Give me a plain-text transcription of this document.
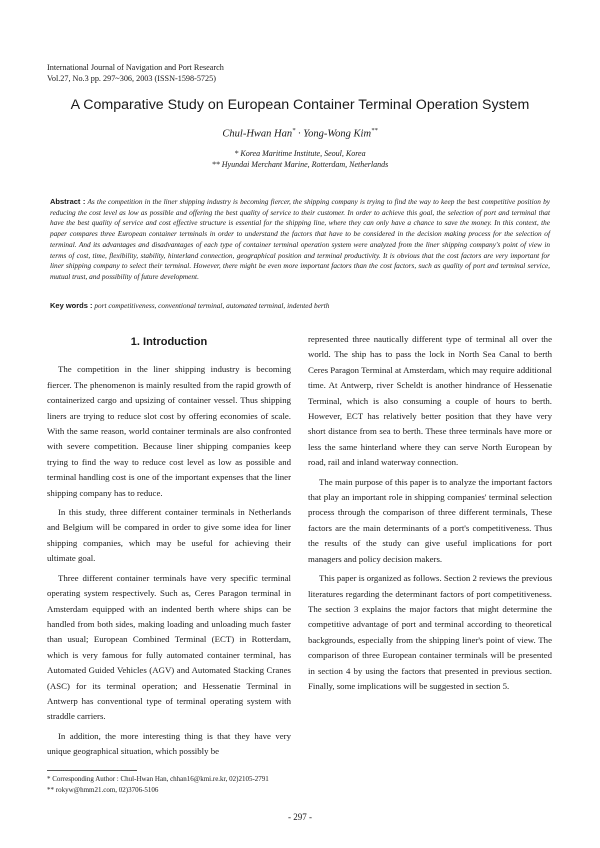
International Journal of Navigation and Port Research
Vol.27, No.3 pp. 297~306, 2003 (ISSN-1598-5725)
A Comparative Study on European Container Terminal Operation System
Chul-Hwan Han* · Yong-Wong Kim**
* Korea Maritime Institute, Seoul, Korea
** Hyundai Merchant Marine, Rotterdam, Netherlands
Abstract : As the competition in the liner shipping industry is becoming fiercer, the shipping company is trying to find the way to keep the best competitive position by reducing the cost level as low as possible and offering the best quality of service to their customer. In order to achieve this goal, the selection of port and terminal that have the best quality of service and cost effective structure is essential for the shipping line, where they can only have a chance to save the money. In this context, the paper compares three European container terminals in order to understand the factors that have to be considered in the decision making process for the selection of terminal. And its advantages and disadvantages of each type of container terminal operation system were analyzed from the liner shipping company's point of view in terms of cost, time, flexibility, stability, hinterland connection, geographical position and terminal productivity. It is obvious that the cost factors are very important for liner shipping company to select their terminal. However, there might be even more important factors than the cost factors, such as quality of port and terminal service, mutual trust, and possibility of future development.
Key words : port competitiveness, conventional terminal, automated terminal, indented berth
1. Introduction

The competition in the liner shipping industry is becoming fiercer. The phenomenon is mainly resulted from the rapid growth of containerized cargo and upsizing of container vessel. Thus shipping liners are trying to reduce slot cost by offering economies of scale. With the same reason, world container terminals are also confronted with severe competition. Because liner shipping companies keep trying to find the way to reduce cost level as low as possible and terminal handling cost is one of the important expenses that the liner shipping company has to reduce.

In this study, three different container terminals in Netherlands and Belgium will be compared in order to give some idea for liner shipping companies, which may be useful for achieving their ultimate goal.

Three different container terminals have very specific terminal operating system respectively. Such as, Ceres Paragon terminal in Amsterdam equipped with an indented berth where ships can be handled from both sides, making loading and unloading much faster than usual; European Combined Terminal (ECT) in Rotterdam, which is very famous for fully automated container terminal, has Automated Guided Vehicles (AGV) and Automated Stacking Cranes (ASC) for its terminal operation; and Hessenatie Terminal in Antwerp has conventional type of terminal operating system with straddle carriers.

In addition, the more interesting thing is that they have very unique geographical situation, which possibly be

represented three nautically different type of terminal all over the world. The ship has to pass the lock in North Sea Canal to berth Ceres Paragon Terminal at Amsterdam, which may require additional time. At Antwerp, river Scheldt is another hindrance of Hessenatie Terminal, which is also consuming a couple of hours to berth. However, ECT has relatively better position that they have very short distance from sea to berth. These three terminals have more or less the same hinterland where they can serve North European by road, rail and inland waterway connection.

The main purpose of this paper is to analyze the important factors that play an important role in shipping companies' terminal selection process through the comparison of three different terminals, These factors are the main determinants of a port's competitiveness. Thus the results of the study can give useful implications for port managers and policy decision makers.

This paper is organized as follows. Section 2 reviews the previous literatures regarding the determinant factors of port competitiveness. The section 3 explains the major factors that might determine the competitive advantage of port and terminal according to theoretical backgrounds, especially from the shipping liner's point of view. The comparison of three European container terminals will be presented in section 4 by using the factors that presented in previous section. Finally, some implications will be suggested in section 5.

* Corresponding Author : Chul-Hwan Han, chhan16@kmi.re.kr, 02)2105-2791
** rokyw@hmm21.com, 02)3706-5106
- 297 -
